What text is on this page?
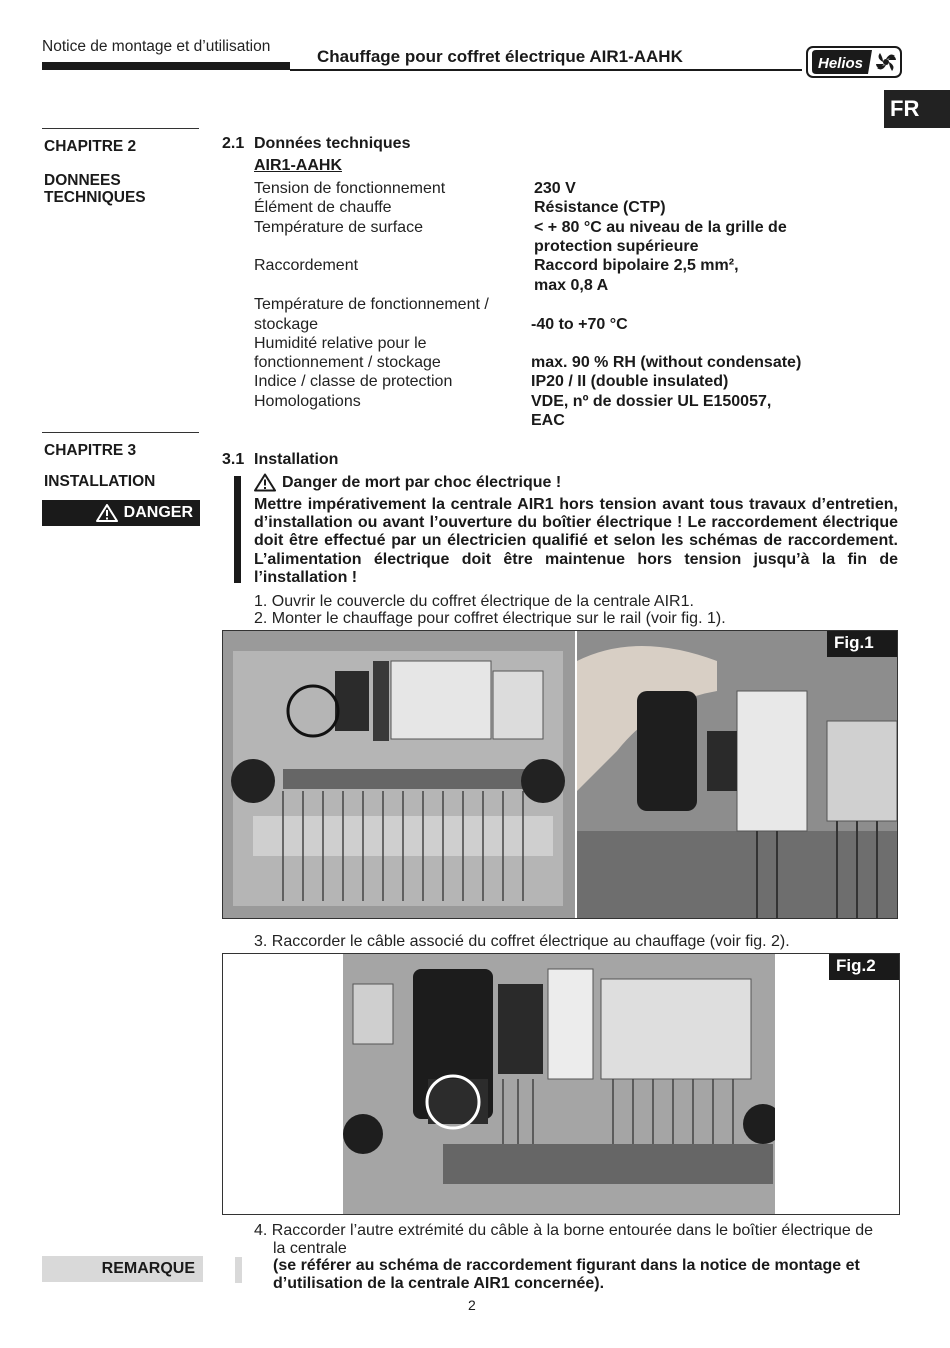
Notice de montage et d’utilisation
Chauffage pour coffret électrique AIR1-AAHK	Helios
FR
CHAPITRE 2
DONNEES
TECHNIQUES
2.1 Données techniques
AIR1-AAHK
Tension de fonctionnement	230 V
Élément de chauffe	Résistance (CTP)
Température de surface	< + 80 °C au niveau de la grille de
protection supérieure
Raccordement	Raccord bipolaire 2,5 mm²,
max 0,8 A
Température de fonctionnement /
stockage	-40 to +70 °C
Humidité relative pour le
fonctionnement / stockage	max. 90 % RH (without condensate)
Indice / classe de protection	IP20 / II (double insulated)
Homologations	VDE, nº de dossier UL E150057,
EAC
CHAPITRE 3
INSTALLATION
DANGER
3.1 Installation
Danger de mort par choc électrique !
Mettre impérativement la centrale AIR1 hors tension avant tous travaux d’entretien, d’installation ou avant l’ouverture du boîtier électrique ! Le raccordement électrique doit être effectué par un électricien qualifié et selon les schémas de raccordement. L’alimentation électrique doit être maintenue hors tension jusqu’à la fin de l’installation !
1. Ouvrir le couvercle du coffret électrique de la centrale AIR1.
2. Monter le chauffage pour coffret électrique sur le rail (voir fig. 1).
Fig.1
3. Raccorder le câble associé du coffret électrique au chauffage (voir fig. 2).
Fig.2
4. Raccorder l’autre extrémité du câble à la borne entourée dans le boîtier électrique de
la centrale
REMARQUE	(se référer au schéma de raccordement figurant dans la notice de montage et
d’utilisation de la centrale AIR1 concernée).
2
